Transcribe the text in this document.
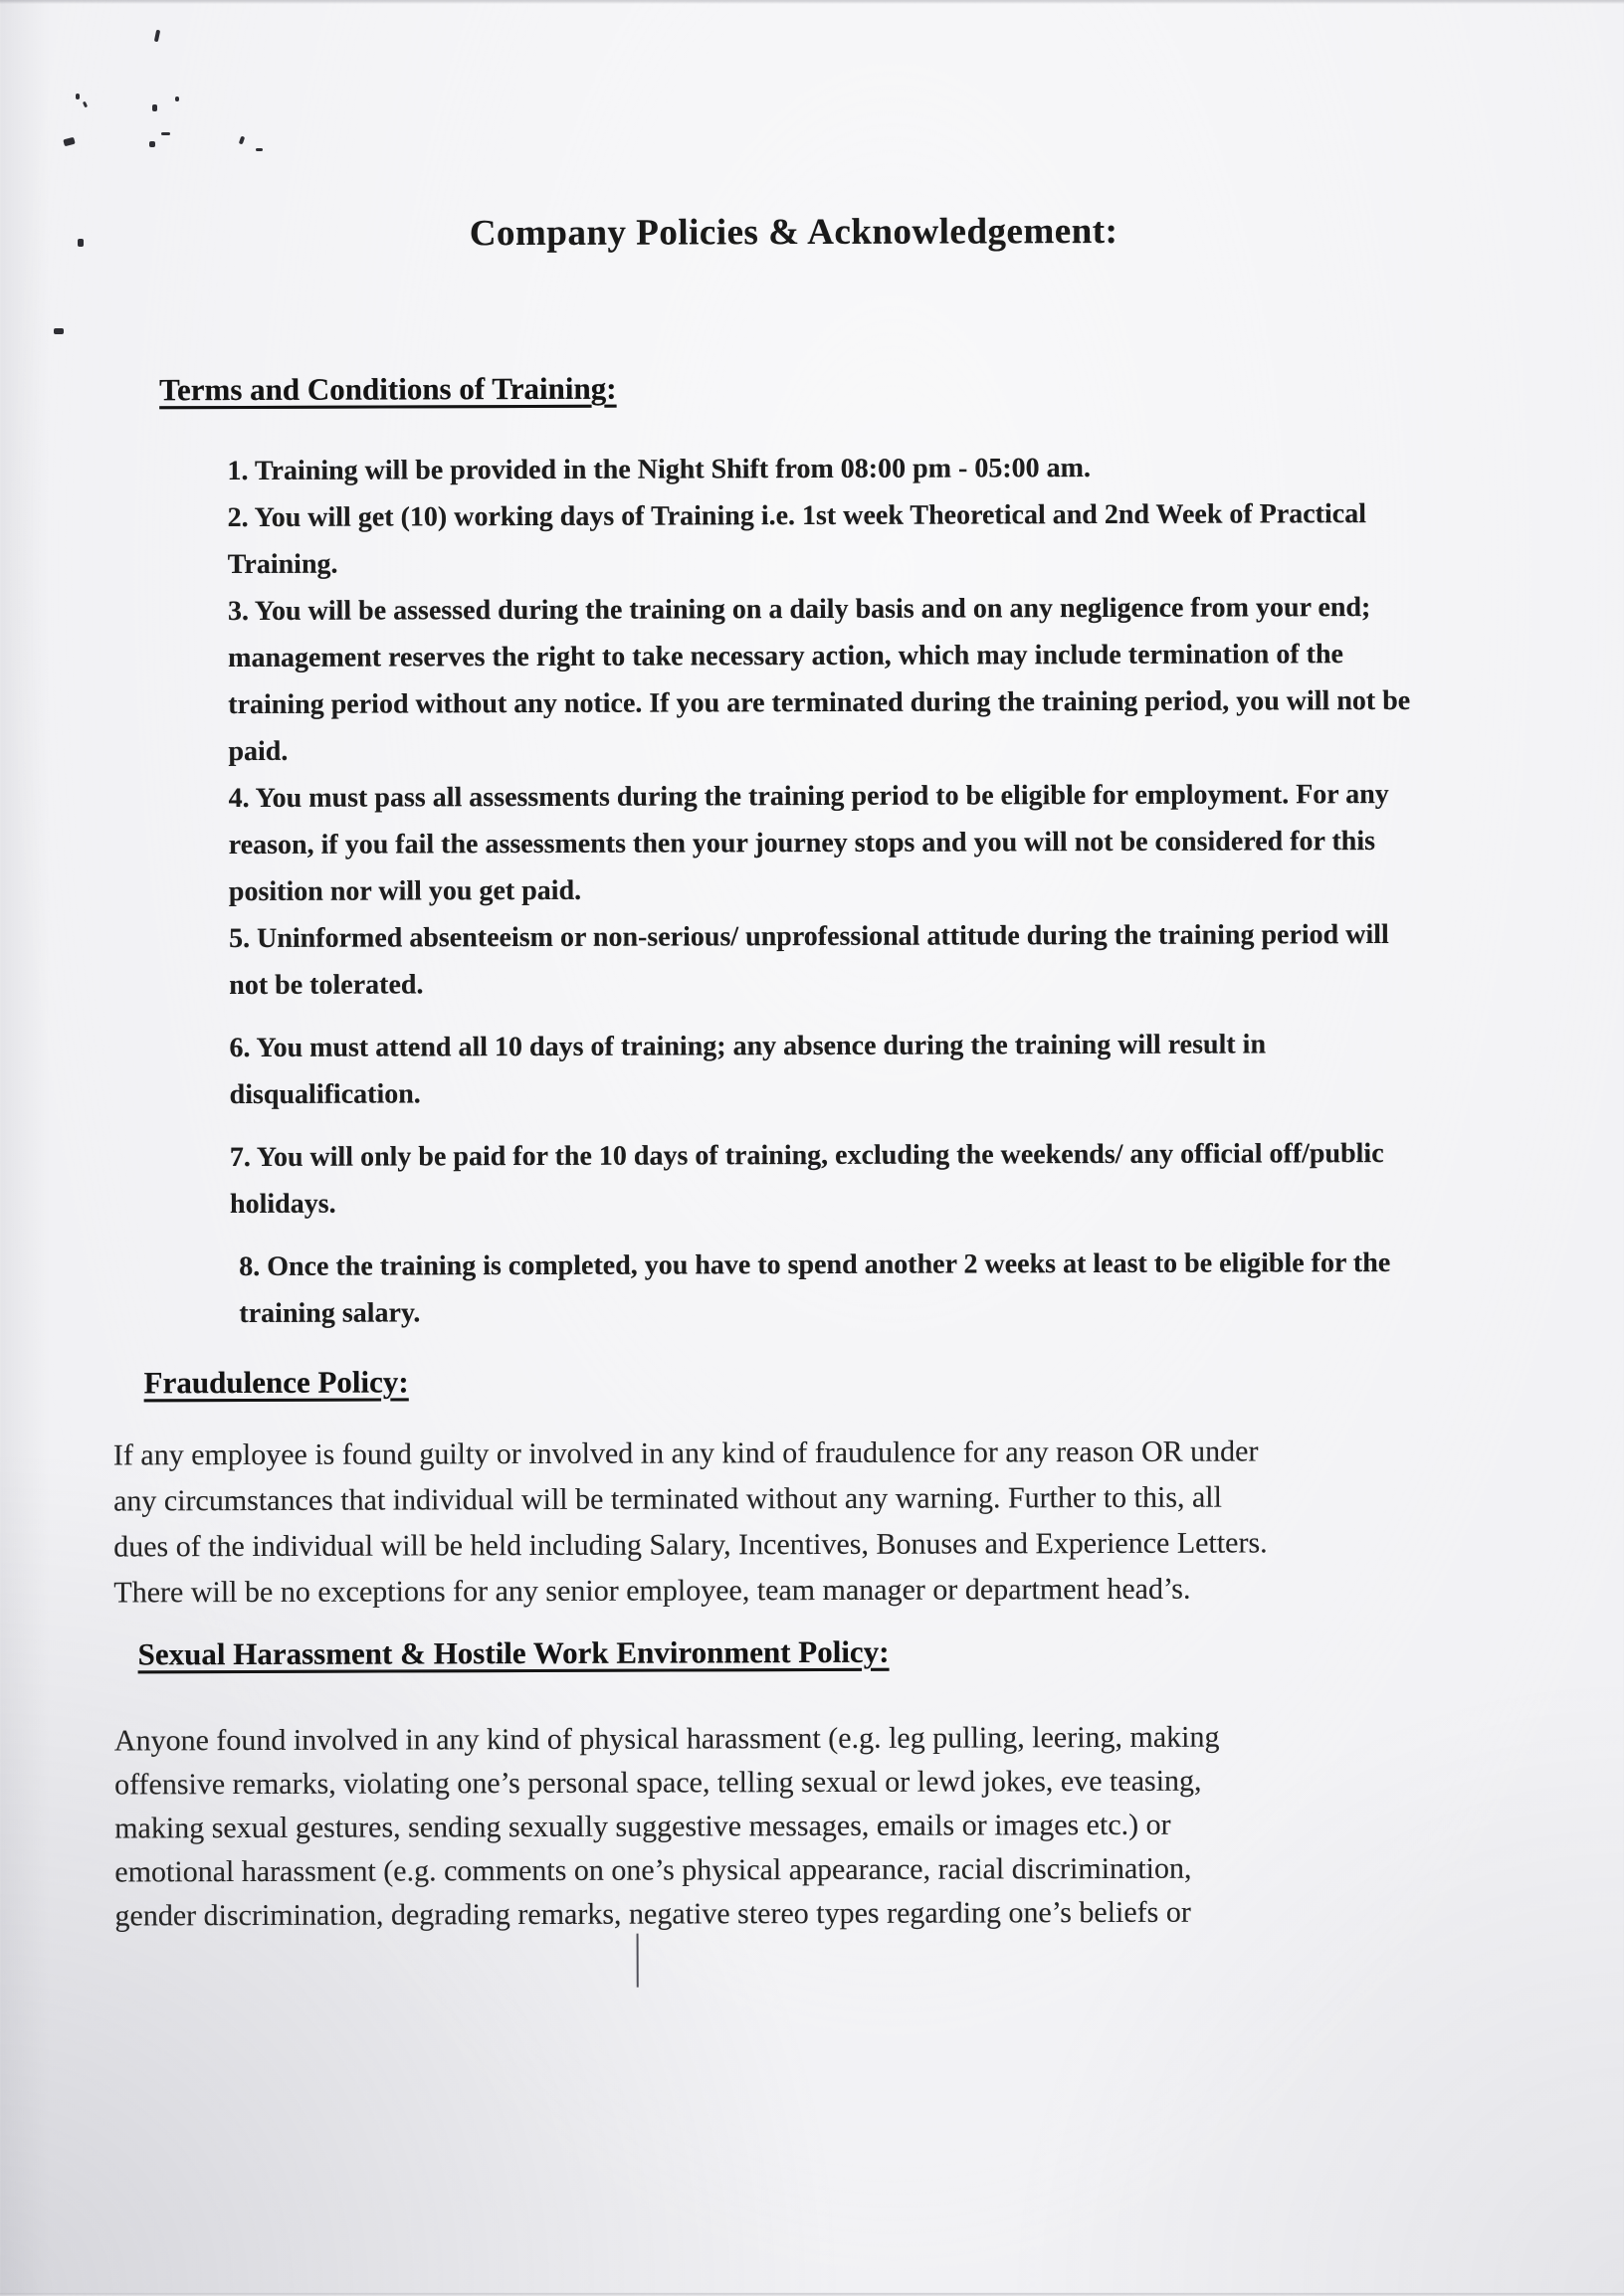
Company Policies & Acknowledgement:
Terms and Conditions of Training:
1. Training will be provided in the Night Shift from 08:00 pm - 05:00 am.
2. You will get (10) working days of Training i.e. 1st week Theoretical and 2nd Week of Practical
Training.
3. You will be assessed during the training on a daily basis and on any negligence from your end;
management reserves the right to take necessary action, which may include termination of the
training period without any notice. If you are terminated during the training period, you will not be
paid.
4. You must pass all assessments during the training period to be eligible for employment. For any
reason, if you fail the assessments then your journey stops and you will not be considered for this
position nor will you get paid.
5. Uninformed absenteeism or non-serious/ unprofessional attitude during the training period will
not be tolerated.
6. You must attend all 10 days of training; any absence during the training will result in
disqualification.
7. You will only be paid for the 10 days of training, excluding the weekends/ any official off/public
holidays.
8. Once the training is completed, you have to spend another 2 weeks at least to be eligible for the
training salary.
Fraudulence Policy:
If any employee is found guilty or involved in any kind of fraudulence for any reason OR under
any circumstances that individual will be terminated without any warning. Further to this, all
dues of the individual will be held including Salary, Incentives, Bonuses and Experience Letters.
There will be no exceptions for any senior employee, team manager or department head’s.
Sexual Harassment & Hostile Work Environment Policy:
Anyone found involved in any kind of physical harassment (e.g. leg pulling, leering, making
offensive remarks, violating one’s personal space, telling sexual or lewd jokes, eve teasing,
making sexual gestures, sending sexually suggestive messages, emails or images etc.) or
emotional harassment (e.g. comments on one’s physical appearance, racial discrimination,
gender discrimination, degrading remarks, negative stereo types regarding one’s beliefs or
